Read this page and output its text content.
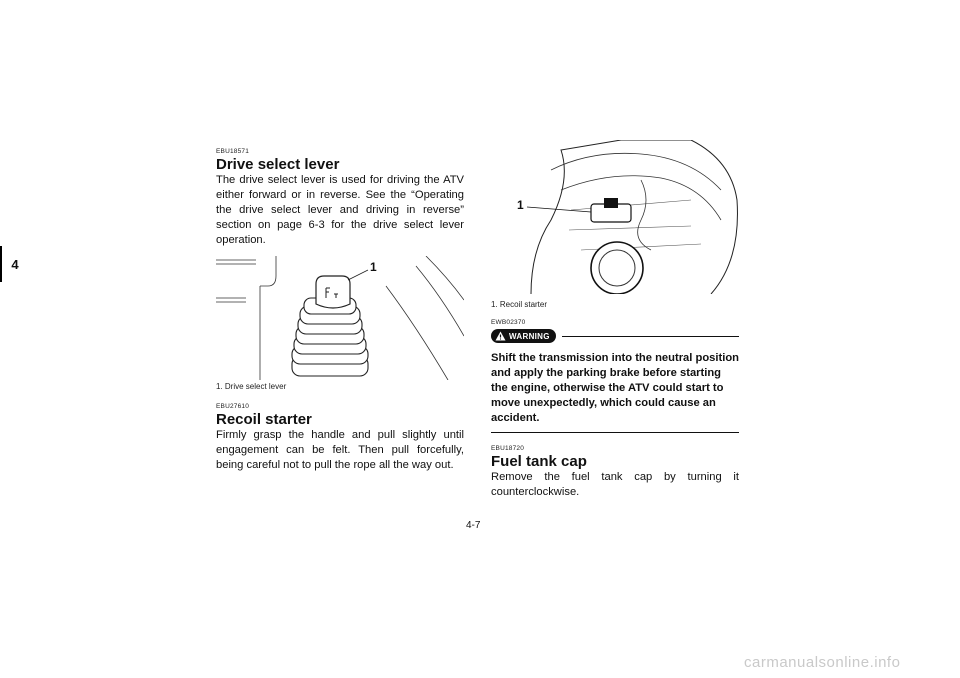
4

EBU18571

Drive select lever

The drive select lever is used for driving the ATV either forward or in reverse. See the “Operating the drive select lever and driving in reverse” section on page 6-3 for the drive select lever operation.

1

1. Drive select lever

EBU27610

Recoil starter

Firmly grasp the handle and pull slightly until engagement can be felt. Then pull forcefully, being careful not to pull the rope all the way out.

1

1. Recoil starter

EWB02370

WARNING

Shift the transmission into the neutral position and apply the parking brake before starting the engine, otherwise the ATV could start to move unexpectedly, which could cause an accident.

EBU18720

Fuel tank cap

Remove the fuel tank cap by turning it counterclockwise.

4-7
carmanualsonline.info
